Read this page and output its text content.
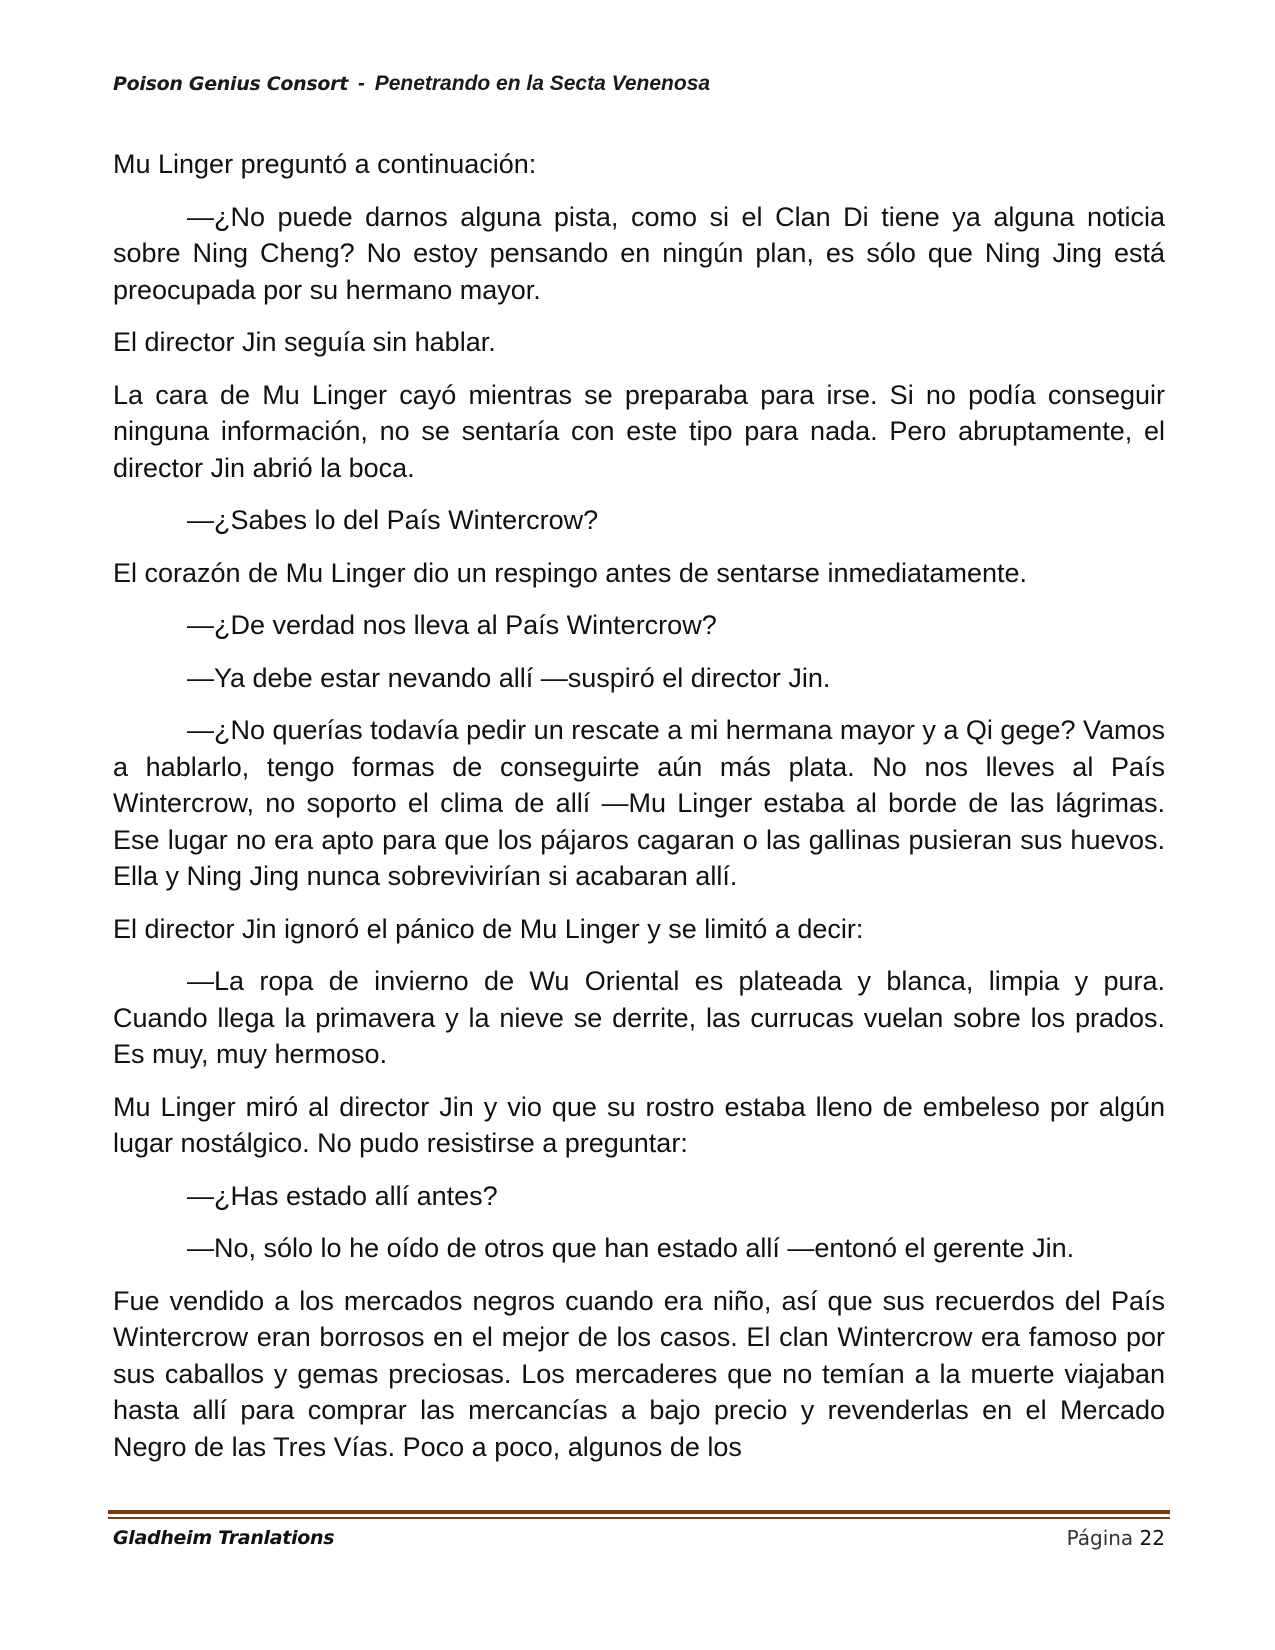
Poison Genius Consort - Penetrando en la Secta Venenosa

Mu Linger preguntó a continuación:

—¿No puede darnos alguna pista, como si el Clan Di tiene ya alguna noticia sobre Ning Cheng? No estoy pensando en ningún plan, es sólo que Ning Jing está preocupada por su hermano mayor.

El director Jin seguía sin hablar.

La cara de Mu Linger cayó mientras se preparaba para irse. Si no podía conseguir ninguna información, no se sentaría con este tipo para nada. Pero abruptamente, el director Jin abrió la boca.

—¿Sabes lo del País Wintercrow?

El corazón de Mu Linger dio un respingo antes de sentarse inmediatamente.

—¿De verdad nos lleva al País Wintercrow?

—Ya debe estar nevando allí —suspiró el director Jin.

—¿No querías todavía pedir un rescate a mi hermana mayor y a Qi gege? Vamos a hablarlo, tengo formas de conseguirte aún más plata. No nos lleves al País Wintercrow, no soporto el clima de allí —Mu Linger estaba al borde de las lágrimas. Ese lugar no era apto para que los pájaros cagaran o las gallinas pusieran sus huevos. Ella y Ning Jing nunca sobrevivirían si acabaran allí.

El director Jin ignoró el pánico de Mu Linger y se limitó a decir:

—La ropa de invierno de Wu Oriental es plateada y blanca, limpia y pura. Cuando llega la primavera y la nieve se derrite, las currucas vuelan sobre los prados. Es muy, muy hermoso.

Mu Linger miró al director Jin y vio que su rostro estaba lleno de embeleso por algún lugar nostálgico. No pudo resistirse a preguntar:

—¿Has estado allí antes?

—No, sólo lo he oído de otros que han estado allí —entonó el gerente Jin.

Fue vendido a los mercados negros cuando era niño, así que sus recuerdos del País Wintercrow eran borrosos en el mejor de los casos. El clan Wintercrow era famoso por sus caballos y gemas preciosas. Los mercaderes que no temían a la muerte viajaban hasta allí para comprar las mercancías a bajo precio y revenderlas en el Mercado Negro de las Tres Vías. Poco a poco, algunos de los

Gladheim Tranlations	Página 22
